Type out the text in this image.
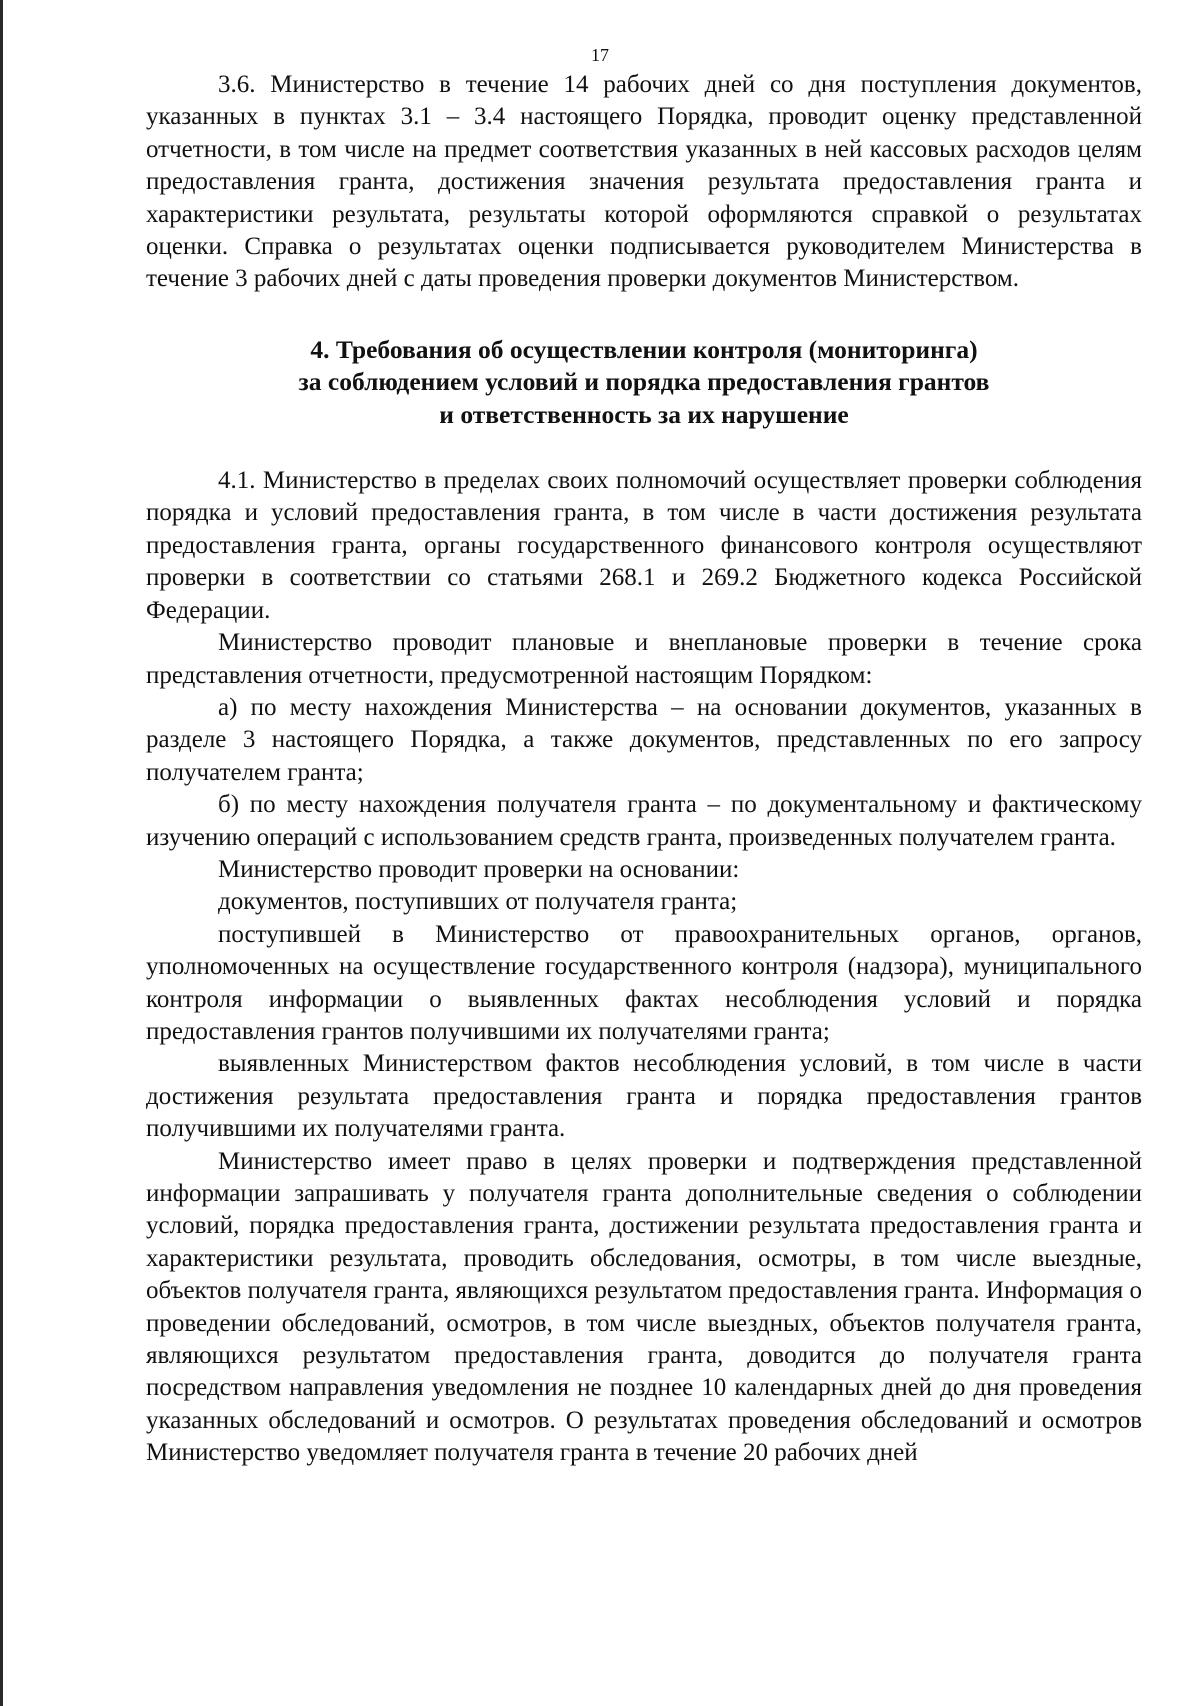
17

3.6. Министерство в течение 14 рабочих дней со дня поступления документов, указанных в пунктах 3.1 – 3.4 настоящего Порядка, проводит оценку представленной отчетности, в том числе на предмет соответствия указанных в ней кассовых расходов целям предоставления гранта, достижения значения результата предоставления гранта и характеристики результата, результаты которой оформляются справкой о результатах оценки. Справка о результатах оценки подписывается руководителем Министерства в течение 3 рабочих дней с даты проведения проверки документов Министерством.

4. Требования об осуществлении контроля (мониторинга)

за соблюдением условий и порядка предоставления грантов

и ответственность за их нарушение

4.1. Министерство в пределах своих полномочий осуществляет проверки соблюдения порядка и условий предоставления гранта, в том числе в части достижения результата предоставления гранта, органы государственного финансового контроля осуществляют проверки в соответствии со статьями 268.1 и 269.2 Бюджетного кодекса Российской Федерации.

Министерство проводит плановые и внеплановые проверки в течение срока представления отчетности, предусмотренной настоящим Порядком:

а) по месту нахождения Министерства – на основании документов, указанных в разделе 3 настоящего Порядка, а также документов, представленных по его запросу получателем гранта;

б) по месту нахождения получателя гранта – по документальному и фактическому изучению операций с использованием средств гранта, произведенных получателем гранта.

Министерство проводит проверки на основании:

документов, поступивших от получателя гранта;

поступившей в Министерство от правоохранительных органов, органов, уполномоченных на осуществление государственного контроля (надзора), муниципального контроля информации о выявленных фактах несоблюдения условий и порядка предоставления грантов получившими их получателями гранта;

выявленных Министерством фактов несоблюдения условий, в том числе в части достижения результата предоставления гранта и порядка предоставления грантов получившими их получателями гранта.

Министерство имеет право в целях проверки и подтверждения представленной информации запрашивать у получателя гранта дополнительные сведения о соблюдении условий, порядка предоставления гранта, достижении результата предоставления гранта и характеристики результата, проводить обследования, осмотры, в том числе выездные, объектов получателя гранта, являющихся результатом предоставления гранта. Информация о проведении обследований, осмотров, в том числе выездных, объектов получателя гранта, являющихся результатом предоставления гранта, доводится до получателя гранта посредством направления уведомления не позднее 10 календарных дней до дня проведения указанных обследований и осмотров. О результатах проведения обследований и осмотров Министерство уведомляет получателя гранта в течение 20 рабочих дней
